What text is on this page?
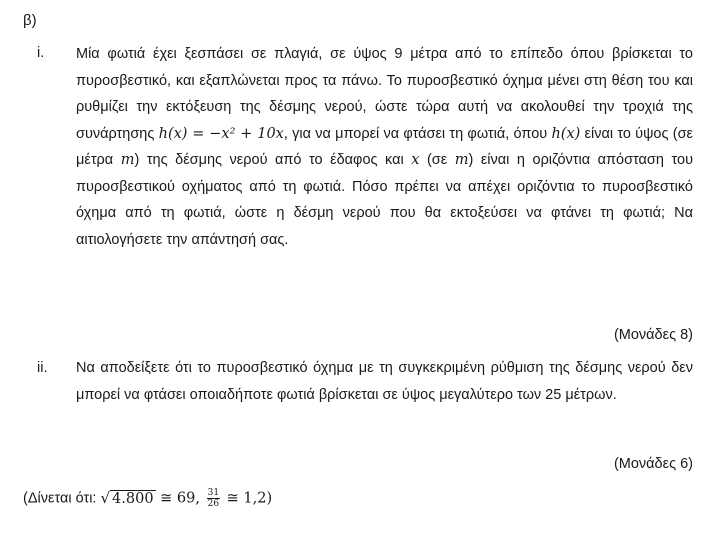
β)
i. Μία φωτιά έχει ξεσπάσει σε πλαγιά, σε ύψος 9 μέτρα από το επίπεδο όπου βρίσκεται το πυροσβεστικό, και εξαπλώνεται προς τα πάνω. Το πυροσβεστικό όχημα μένει στη θέση του και ρυθμίζει την εκτόξευση της δέσμης νερού, ώστε τώρα αυτή να ακολουθεί την τροχιά της συνάρτησης h(x) = −x² + 10x, για να μπορεί να φτάσει τη φωτιά, όπου h(x) είναι το ύψος (σε μέτρα m) της δέσμης νερού από το έδαφος και x (σε m) είναι η οριζόντια απόσταση του πυροσβεστικού οχήματος από τη φωτιά. Πόσο πρέπει να απέχει οριζόντια το πυροσβεστικό όχημα από τη φωτιά, ώστε η δέσμη νερού που θα εκτοξεύσει να φτάνει τη φωτιά; Να αιτιολογήσετε την απάντησή σας.
(Μονάδες 8)
ii. Να αποδείξετε ότι το πυροσβεστικό όχημα με τη συγκεκριμένη ρύθμιση της δέσμης νερού δεν μπορεί να φτάσει οποιαδήποτε φωτιά βρίσκεται σε ύψος μεγαλύτερο των 25 μέτρων.
(Μονάδες 6)
(Δίνεται ότι: √ 4.800 ≅ 69, $\frac{31}{26}$ ≅ 1,2)
